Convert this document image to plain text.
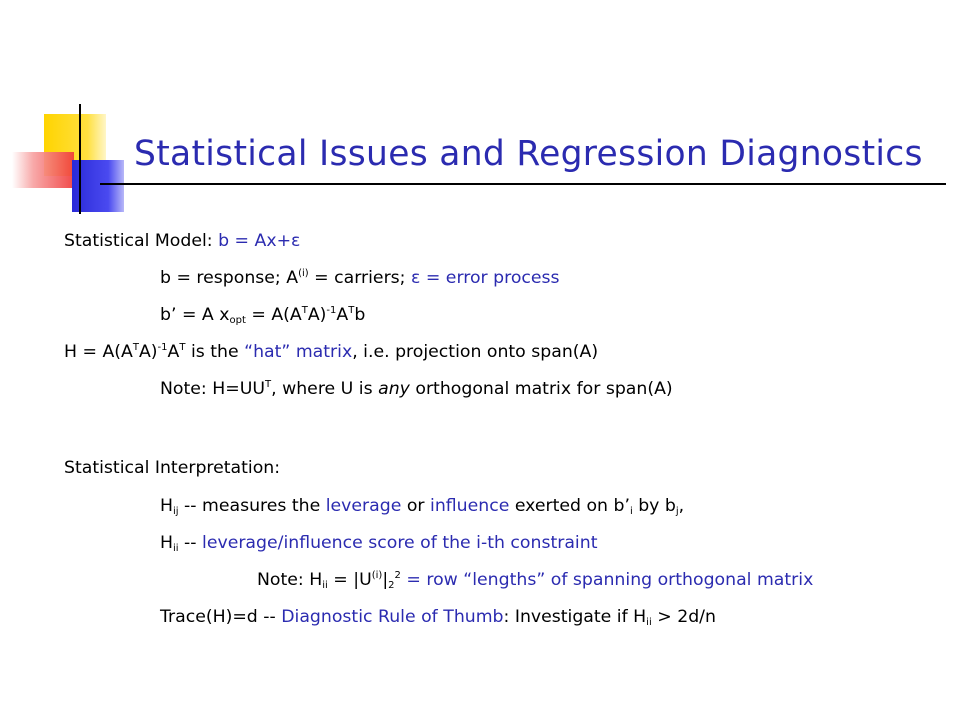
Statistical Issues and Regression Diagnostics
Statistical Model: b = Ax+ε
b = response; $A^{(i)}$ = carriers; ε = error process
b’ = A $x_{opt} = A(A^TA)^{-1}A^Tb$
$H = A(A^TA)^{-1}A^T$ is the “hat” matrix, i.e. projection onto span(A)
Note: $H=UU^T$, where U is any orthogonal matrix for span(A)
Statistical Interpretation:
$H_{ij}$ -- measures the leverage or influence exerted on $b’_i$ by $b_j$,
$H_{ii}$ -- leverage/influence score of the i-th constraint
Note: $H_{ii} = |U^{(i)}|_2^2$ = row “lengths” of spanning orthogonal matrix
Trace(H)=d -- Diagnostic Rule of Thumb: Investigate if $H_{ii} > 2d/n$
